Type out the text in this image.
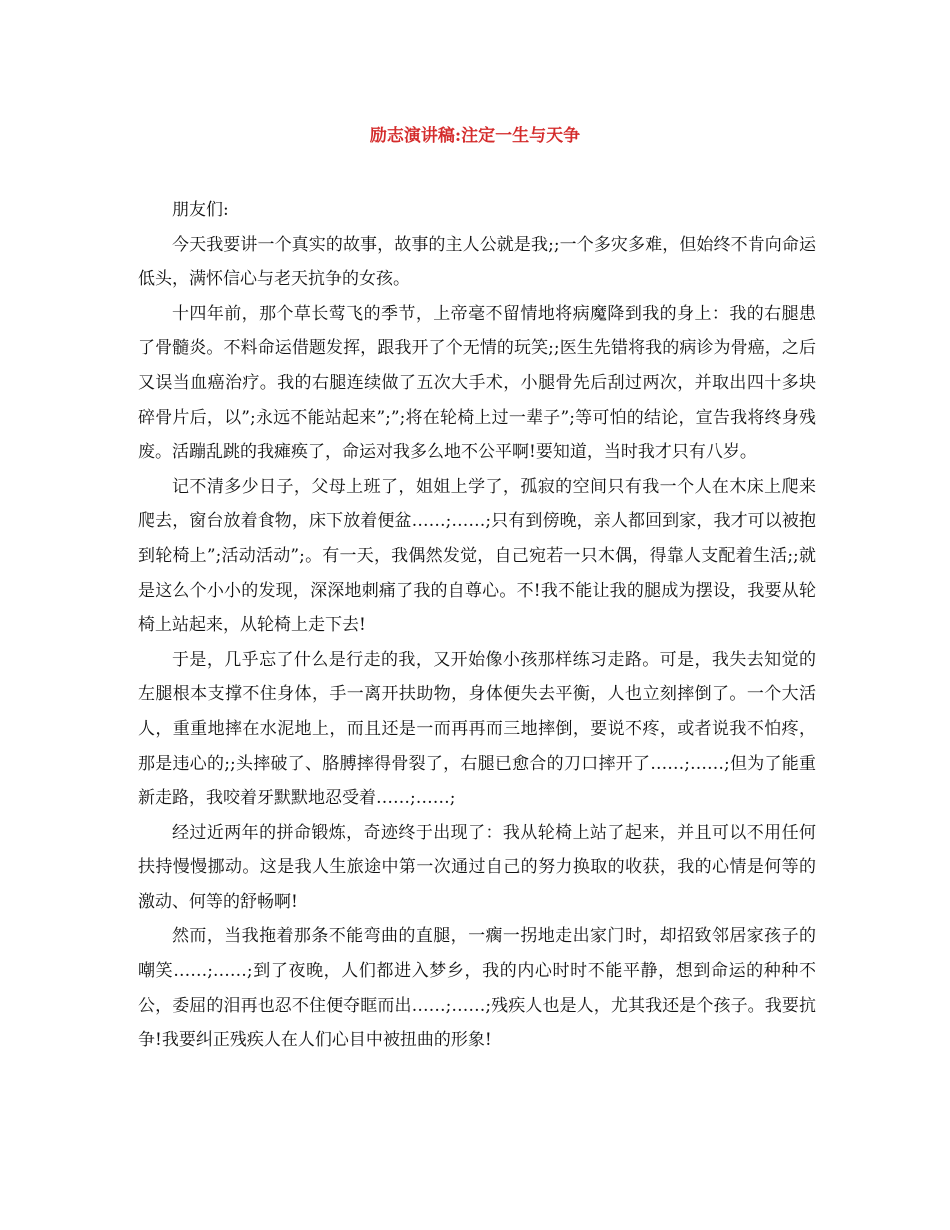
励志演讲稿:注定一生与天争

朋友们:

今天我要讲一个真实的故事，故事的主人公就是我;;一个多灾多难，但始终不肯向命运低头，满怀信心与老天抗争的女孩。

十四年前，那个草长莺飞的季节，上帝毫不留情地将病魔降到我的身上：我的右腿患了骨髓炎。不料命运借题发挥，跟我开了个无情的玩笑;;医生先错将我的病诊为骨癌，之后又误当血癌治疗。我的右腿连续做了五次大手术，小腿骨先后刮过两次，并取出四十多块碎骨片后，以”;永远不能站起来”;”;将在轮椅上过一辈子”;等可怕的结论，宣告我将终身残废。活蹦乱跳的我瘫痪了，命运对我多么地不公平啊!要知道，当时我才只有八岁。

记不清多少日子，父母上班了，姐姐上学了，孤寂的空间只有我一个人在木床上爬来爬去，窗台放着食物，床下放着便盆……;……;只有到傍晚，亲人都回到家，我才可以被抱到轮椅上”;活动活动”;。有一天，我偶然发觉，自己宛若一只木偶，得靠人支配着生活;;就是这么个小小的发现，深深地刺痛了我的自尊心。不!我不能让我的腿成为摆设，我要从轮椅上站起来，从轮椅上走下去!

于是，几乎忘了什么是行走的我，又开始像小孩那样练习走路。可是，我失去知觉的左腿根本支撑不住身体，手一离开扶助物，身体便失去平衡，人也立刻摔倒了。一个大活人，重重地摔在水泥地上，而且还是一而再再而三地摔倒，要说不疼，或者说我不怕疼，那是违心的;;头摔破了、胳膊摔得骨裂了，右腿已愈合的刀口摔开了……;……;但为了能重新走路，我咬着牙默默地忍受着……;……;

经过近两年的拼命锻炼，奇迹终于出现了：我从轮椅上站了起来，并且可以不用任何扶持慢慢挪动。这是我人生旅途中第一次通过自己的努力换取的收获，我的心情是何等的激动、何等的舒畅啊!

然而，当我拖着那条不能弯曲的直腿，一瘸一拐地走出家门时，却招致邻居家孩子的嘲笑……;……;到了夜晚，人们都进入梦乡，我的内心时时不能平静，想到命运的种种不公，委屈的泪再也忍不住便夺眶而出……;……;残疾人也是人，尤其我还是个孩子。我要抗争!我要纠正残疾人在人们心目中被扭曲的形象!
